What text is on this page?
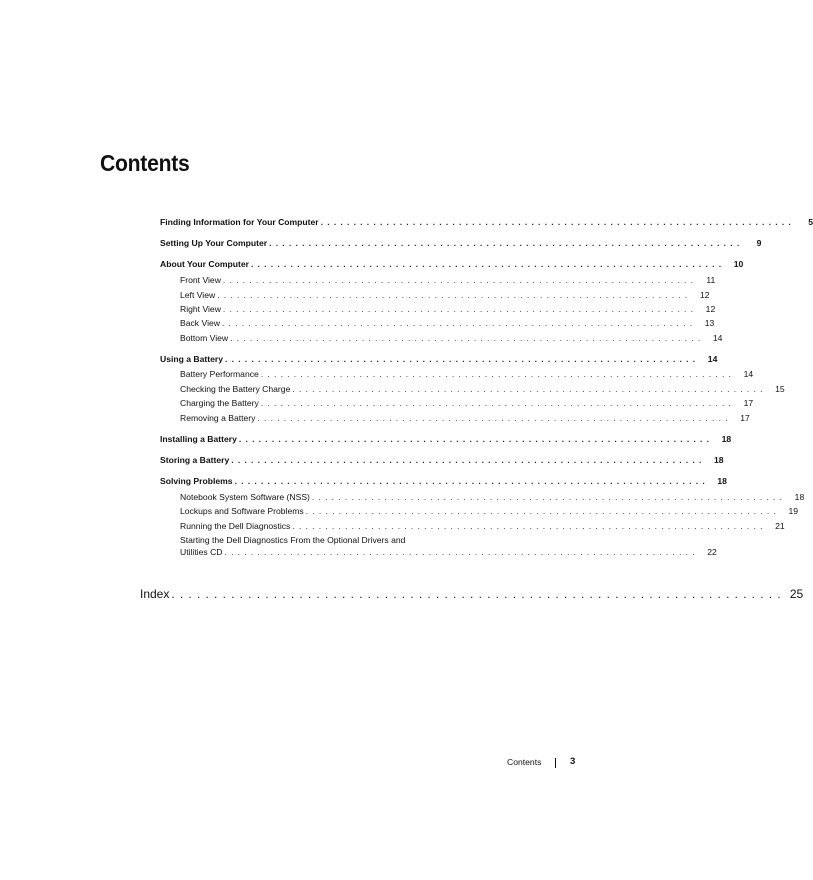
Contents
Finding Information for Your Computer ........................................................................	5
Setting Up Your Computer ........................................................................	9
About Your Computer ........................................................................ 10
Front View ........................................................................	11
Left View ........................................................................ 12
Right View ........................................................................ 12
Back View ........................................................................ 13
Bottom View ........................................................................ 14
Using a Battery ........................................................................ 14
Battery Performance ........................................................................ 14
Checking the Battery Charge ........................................................................ 15
Charging the Battery ........................................................................ 17
Removing a Battery ........................................................................ 17
Installing a Battery ........................................................................ 18
Storing a Battery ........................................................................ 18
Solving Problems ........................................................................ 18
Notebook System Software (NSS) ........................................................................ 18
Lockups and Software Problems ........................................................................ 19
Running the Dell Diagnostics ........................................................................ 21
Starting the Dell Diagnostics From the Optional Drivers and
Utilities CD ........................................................................ 22
Index ........................................................................ 25
Contents	3
